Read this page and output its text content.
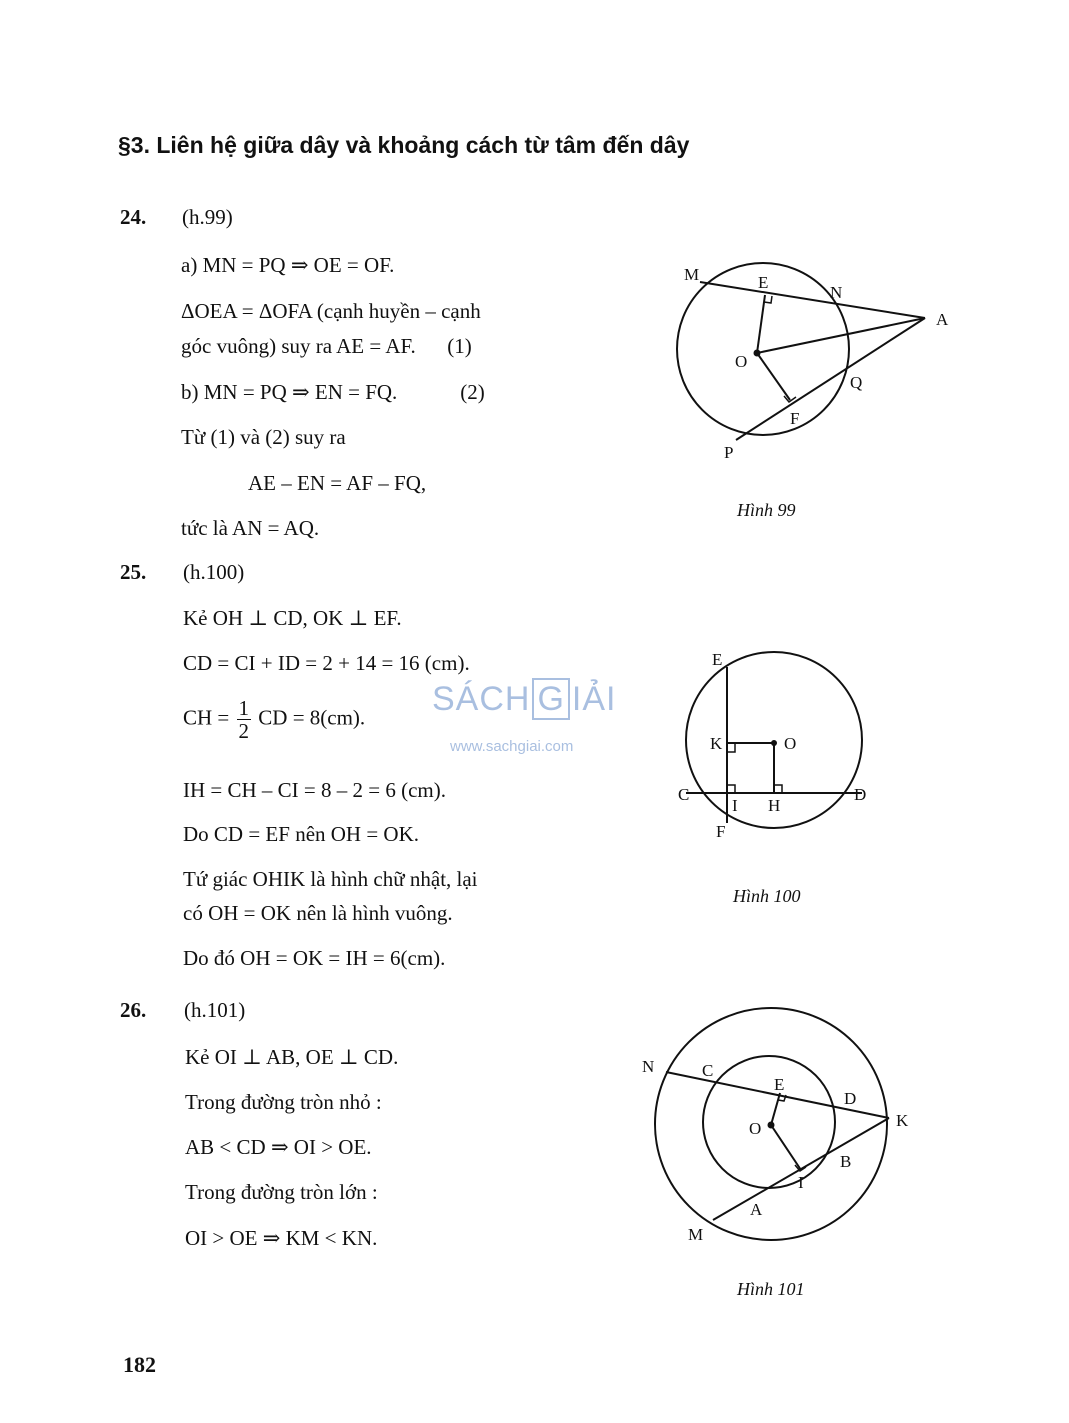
§3. Liên hệ giữa dây và khoảng cách từ tâm đến dây
24. (h.99)
a) MN = PQ ⇒ OE = OF.
ΔOEA = ΔOFA (cạnh huyền – cạnh
góc vuông) suy ra AE = AF.      (1)
b) MN = PQ ⇒ EN = FQ.            (2)
Từ (1) và (2) suy ra
AE – EN = AF – FQ,
tức là AN = AQ.
M	E
N
A
O
Q
F
P
Hình 99
25. (h.100)
Kẻ OH ⊥ CD, OK ⊥ EF.
CD = CI + ID = 2 + 14 = 16 (cm).
CH = $\frac{1}{2}$ CD = 8(cm).
IH = CH – CI = 8 – 2 = 6 (cm).
Do CD = EF nên OH = OK.
Tứ giác OHIK là hình chữ nhật, lại
có OH = OK nên là hình vuông.
Do đó OH = OK = IH = 6(cm).
SÁCH G IẢI
www.sachgiai.com
E
K	O
C
I H
D
F
Hình 100
26. (h.101)
Kẻ OI ⊥ AB, OE ⊥ CD.
Trong đường tròn nhỏ :
AB < CD ⇒ OI > OE.
Trong đường tròn lớn :
OI > OE ⇒ KM < KN.
N	C
E
D
K
O
B
I
A
M
Hình 101
182
